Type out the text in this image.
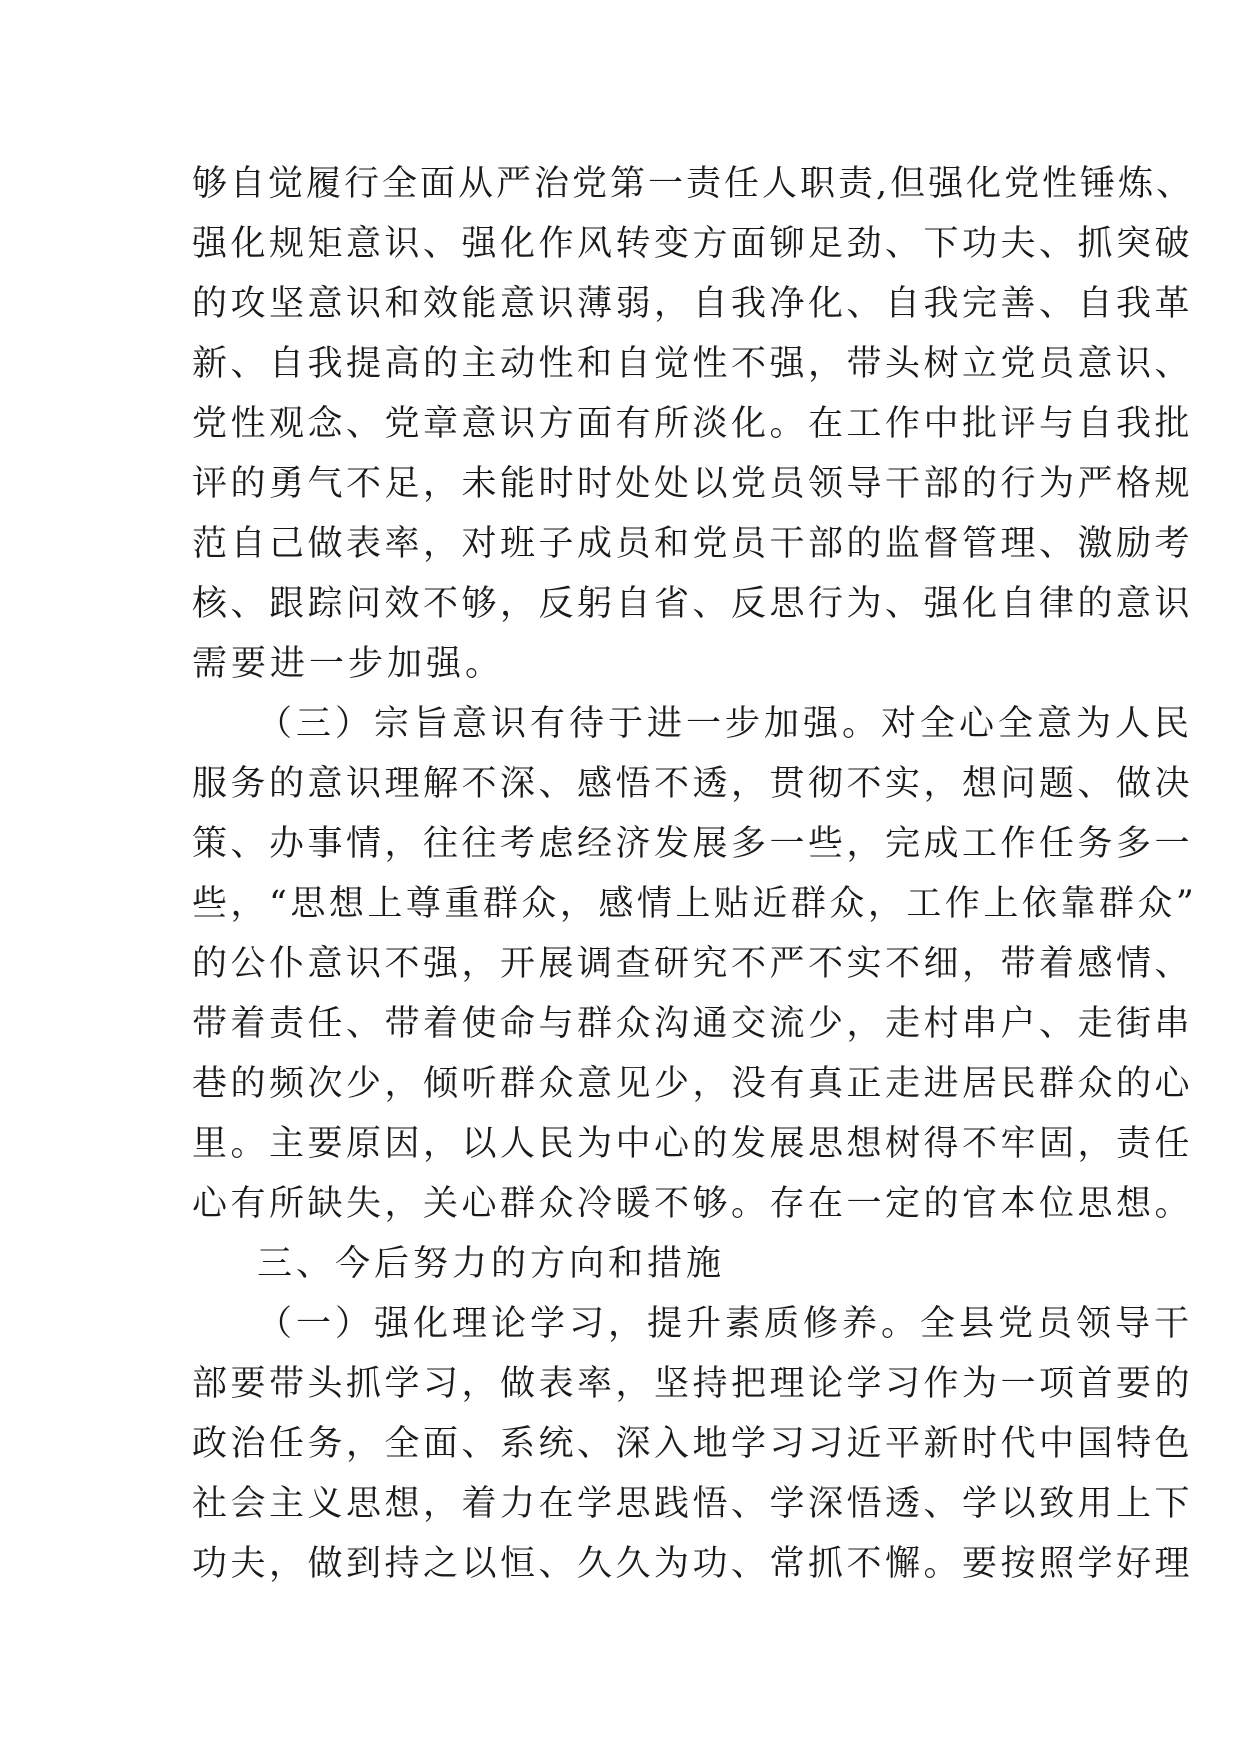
够自觉履行全面从严治党第一责任人职责,但强化党性锤炼、
强化规矩意识、强化作风转变方面铆足劲、下功夫、抓突破
的攻坚意识和效能意识薄弱，自我净化、自我完善、自我革
新、自我提高的主动性和自觉性不强，带头树立党员意识、
党性观念、党章意识方面有所淡化。在工作中批评与自我批
评的勇气不足，未能时时处处以党员领导干部的行为严格规
范自己做表率，对班子成员和党员干部的监督管理、激励考
核、跟踪问效不够，反躬自省、反思行为、强化自律的意识
需要进一步加强。
（三）宗旨意识有待于进一步加强。对全心全意为人民
服务的意识理解不深、感悟不透，贯彻不实，想问题、做决
策、办事情，往往考虑经济发展多一些，完成工作任务多一
些，“思想上尊重群众，感情上贴近群众，工作上依靠群众”
的公仆意识不强，开展调查研究不严不实不细，带着感情、
带着责任、带着使命与群众沟通交流少，走村串户、走街串
巷的频次少，倾听群众意见少，没有真正走进居民群众的心
里。主要原因，以人民为中心的发展思想树得不牢固，责任
心有所缺失，关心群众冷暖不够。存在一定的官本位思想。
三、今后努力的方向和措施
（一）强化理论学习，提升素质修养。全县党员领导干
部要带头抓学习，做表率，坚持把理论学习作为一项首要的
政治任务，全面、系统、深入地学习习近平新时代中国特色
社会主义思想，着力在学思践悟、学深悟透、学以致用上下
功夫，做到持之以恒、久久为功、常抓不懈。要按照学好理
